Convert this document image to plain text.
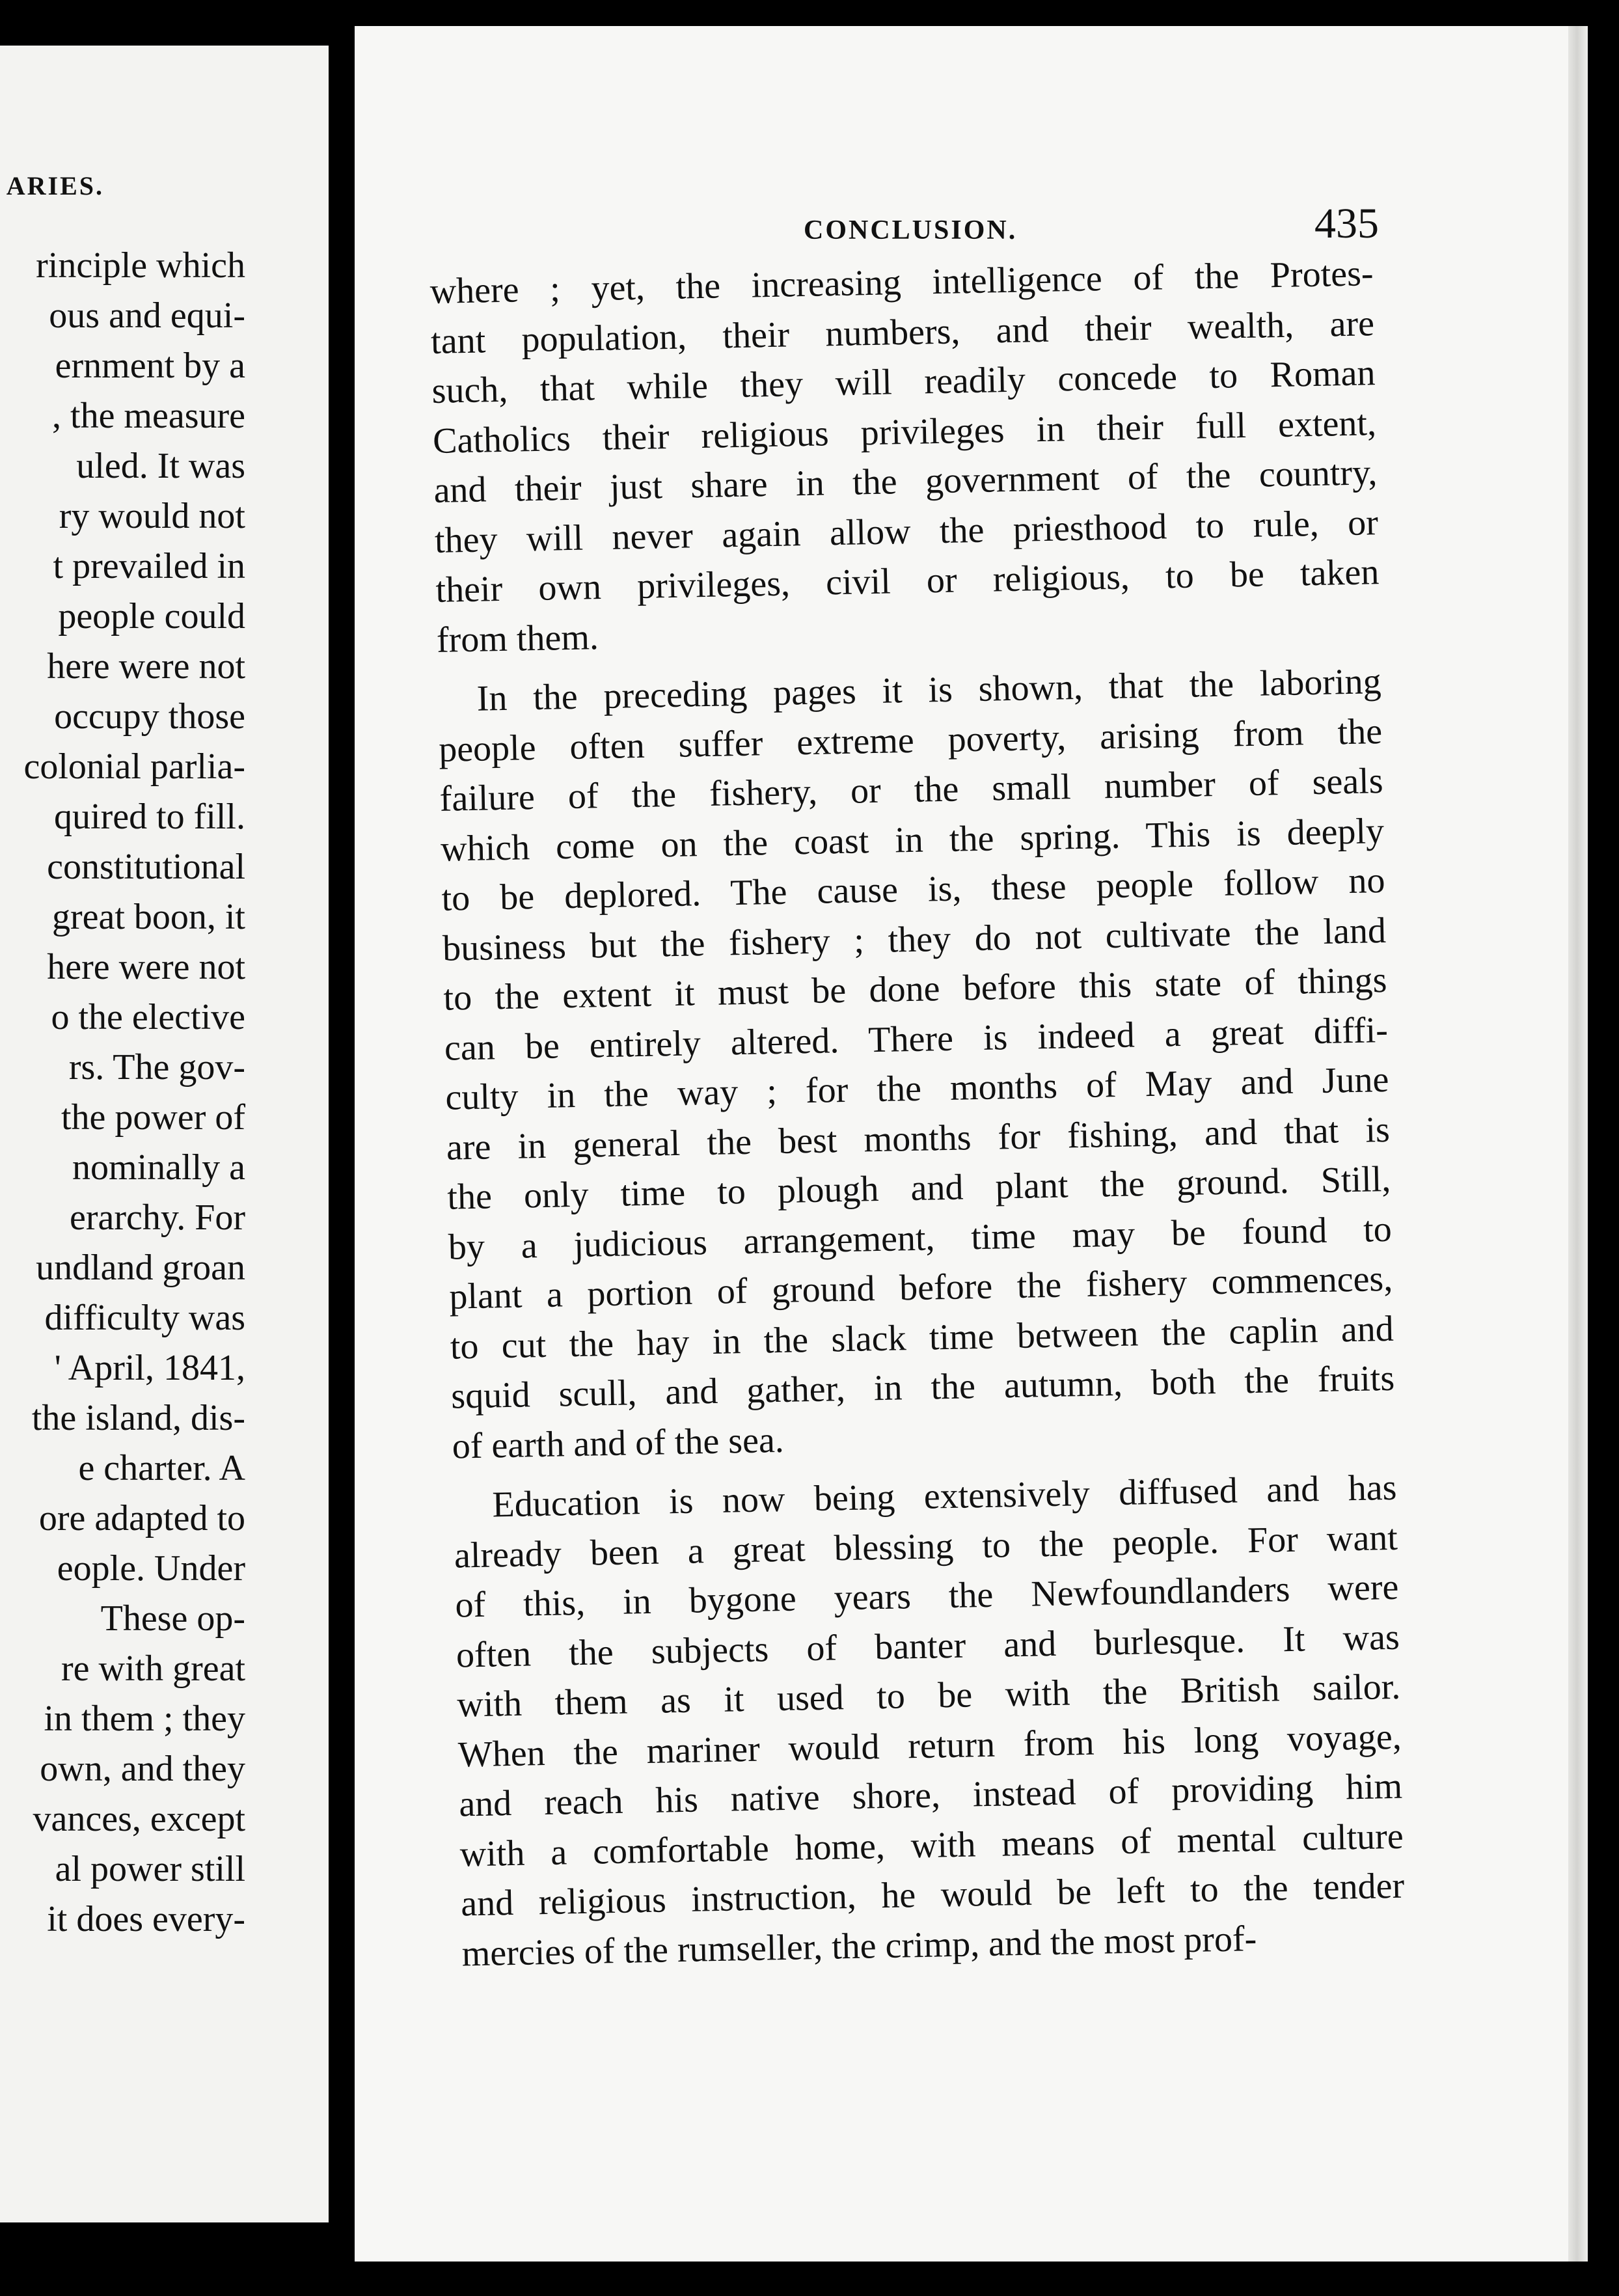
ARIES.
rinciple which
ous and equi-
ernment by a
, the measure
uled. It was
ry would not
t prevailed in
people could
here were not
occupy those
colonial parlia-
quired to fill.
constitutional
great boon, it
here were not
o the elective
rs. The gov-
the power of
nominally a
erarchy. For
undland groan
difficulty was
' April, 1841,
the island, dis-
e charter. A
ore adapted to
eople. Under
These op-
re with great
in them ; they
own, and they
vances, except
al power still
it does every-
CONCLUSION.	435
where ; yet, the increasing intelligence of the Protes-
tant population, their numbers, and their wealth, are
such, that while they will readily concede to Roman
Catholics their religious privileges in their full extent,
and their just share in the government of the country,
they will never again allow the priesthood to rule, or
their own privileges, civil or religious, to be taken
from them.
In the preceding pages it is shown, that the laboring
people often suffer extreme poverty, arising from the
failure of the fishery, or the small number of seals
which come on the coast in the spring. This is deeply
to be deplored. The cause is, these people follow no
business but the fishery ; they do not cultivate the land
to the extent it must be done before this state of things
can be entirely altered. There is indeed a great diffi-
culty in the way ; for the months of May and June
are in general the best months for fishing, and that is
the only time to plough and plant the ground. Still,
by a judicious arrangement, time may be found to
plant a portion of ground before the fishery commences,
to cut the hay in the slack time between the caplin and
squid scull, and gather, in the autumn, both the fruits
of earth and of the sea.
Education is now being extensively diffused and has
already been a great blessing to the people. For want
of this, in bygone years the Newfoundlanders were
often the subjects of banter and burlesque. It was
with them as it used to be with the British sailor.
When the mariner would return from his long voyage,
and reach his native shore, instead of providing him
with a comfortable home, with means of mental culture
and religious instruction, he would be left to the tender
mercies of the rumseller, the crimp, and the most prof-
